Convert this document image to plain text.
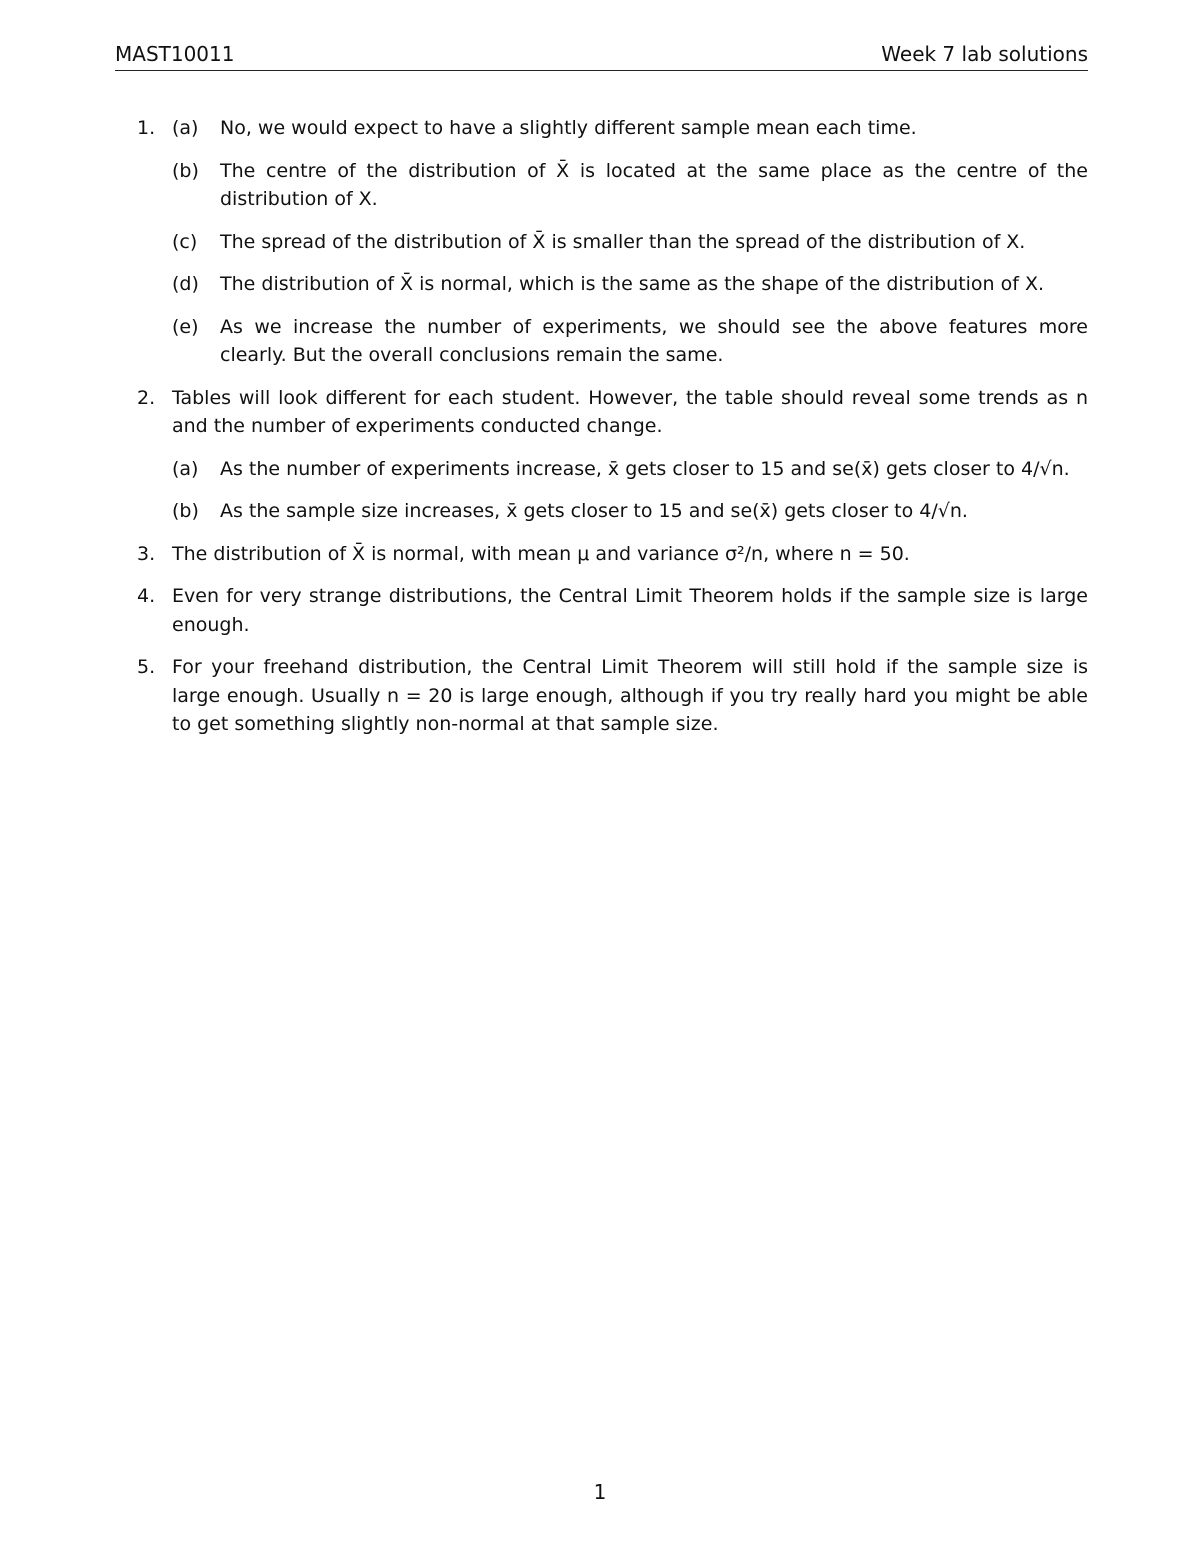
MAST10011	Week 7 lab solutions
1. (a) No, we would expect to have a slightly different sample mean each time.
(b) The centre of the distribution of X̄ is located at the same place as the centre of the distribution of X.
(c) The spread of the distribution of X̄ is smaller than the spread of the distribution of X.
(d) The distribution of X̄ is normal, which is the same as the shape of the distribution of X.
(e) As we increase the number of experiments, we should see the above features more clearly. But the overall conclusions remain the same.
2. Tables will look different for each student. However, the table should reveal some trends as n and the number of experiments conducted change.
(a) As the number of experiments increase, x̄ gets closer to 15 and se(x̄) gets closer to 4/√n.
(b) As the sample size increases, x̄ gets closer to 15 and se(x̄) gets closer to 4/√n.
3. The distribution of X̄ is normal, with mean μ and variance σ²/n, where n = 50.
4. Even for very strange distributions, the Central Limit Theorem holds if the sample size is large enough.
5. For your freehand distribution, the Central Limit Theorem will still hold if the sample size is large enough. Usually n = 20 is large enough, although if you try really hard you might be able to get something slightly non-normal at that sample size.
1
